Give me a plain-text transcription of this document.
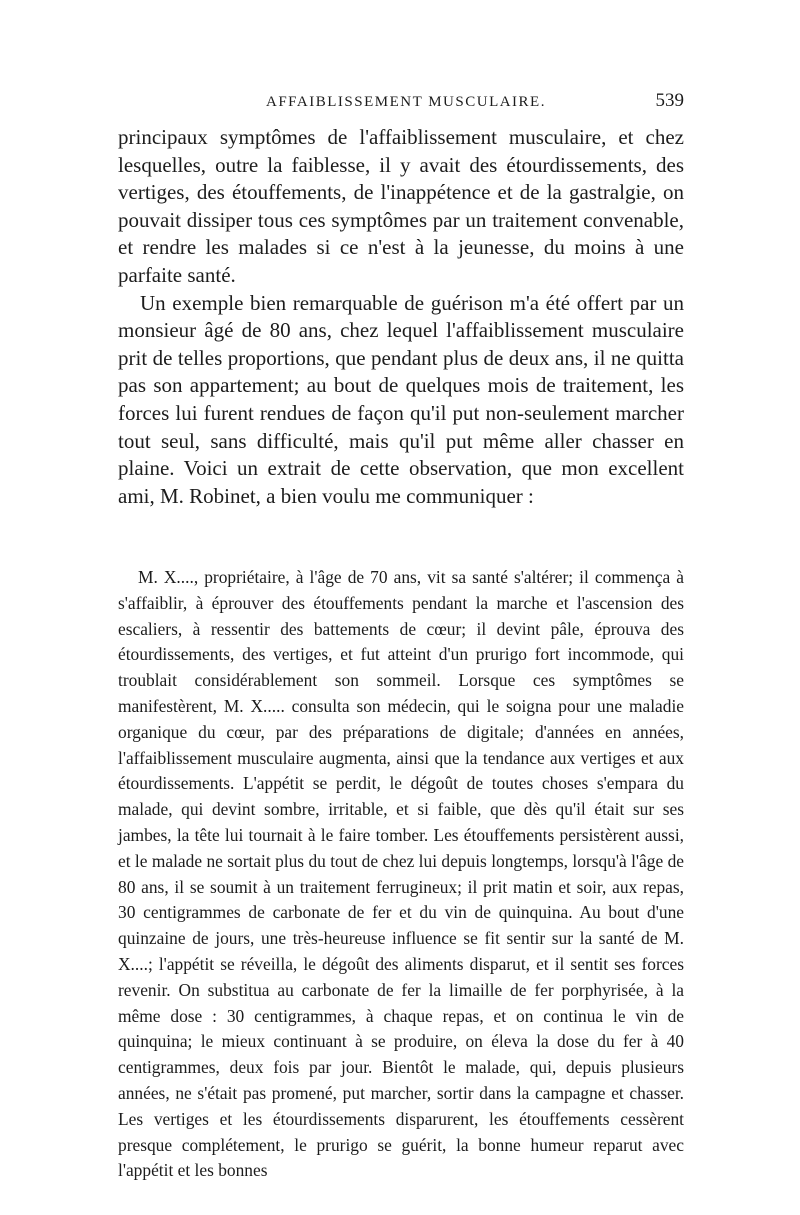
AFFAIBLISSEMENT MUSCULAIRE.	539

principaux symptômes de l'affaiblissement musculaire, et chez lesquelles, outre la faiblesse, il y avait des étourdissements, des vertiges, des étouffements, de l'inappétence et de la gastralgie, on pouvait dissiper tous ces symptômes par un traitement convenable, et rendre les malades si ce n'est à la jeunesse, du moins à une parfaite santé.

Un exemple bien remarquable de guérison m'a été offert par un monsieur âgé de 80 ans, chez lequel l'affaiblissement musculaire prit de telles proportions, que pendant plus de deux ans, il ne quitta pas son appartement; au bout de quelques mois de traitement, les forces lui furent rendues de façon qu'il put non-seulement marcher tout seul, sans difficulté, mais qu'il put même aller chasser en plaine. Voici un extrait de cette observation, que mon excellent ami, M. Robinet, a bien voulu me communiquer :

M. X...., propriétaire, à l'âge de 70 ans, vit sa santé s'altérer; il commença à s'affaiblir, à éprouver des étouffements pendant la marche et l'ascension des escaliers, à ressentir des battements de cœur; il devint pâle, éprouva des étourdissements, des vertiges, et fut atteint d'un prurigo fort incommode, qui troublait considérablement son sommeil. Lorsque ces symptômes se manifestèrent, M. X..... consulta son médecin, qui le soigna pour une maladie organique du cœur, par des préparations de digitale; d'années en années, l'affaiblissement musculaire augmenta, ainsi que la tendance aux vertiges et aux étourdissements. L'appétit se perdit, le dégoût de toutes choses s'empara du malade, qui devint sombre, irritable, et si faible, que dès qu'il était sur ses jambes, la tête lui tournait à le faire tomber. Les étouffements persistèrent aussi, et le malade ne sortait plus du tout de chez lui depuis longtemps, lorsqu'à l'âge de 80 ans, il se soumit à un traitement ferrugineux; il prit matin et soir, aux repas, 30 centigrammes de carbonate de fer et du vin de quinquina. Au bout d'une quinzaine de jours, une très-heureuse influence se fit sentir sur la santé de M. X....; l'appétit se réveilla, le dégoût des aliments disparut, et il sentit ses forces revenir. On substitua au carbonate de fer la limaille de fer porphyrisée, à la même dose : 30 centigrammes, à chaque repas, et on continua le vin de quinquina; le mieux continuant à se produire, on éleva la dose du fer à 40 centigrammes, deux fois par jour. Bientôt le malade, qui, depuis plusieurs années, ne s'était pas promené, put marcher, sortir dans la campagne et chasser. Les vertiges et les étourdissements disparurent, les étouffements cessèrent presque complétement, le prurigo se guérit, la bonne humeur reparut avec l'appétit et les bonnes
